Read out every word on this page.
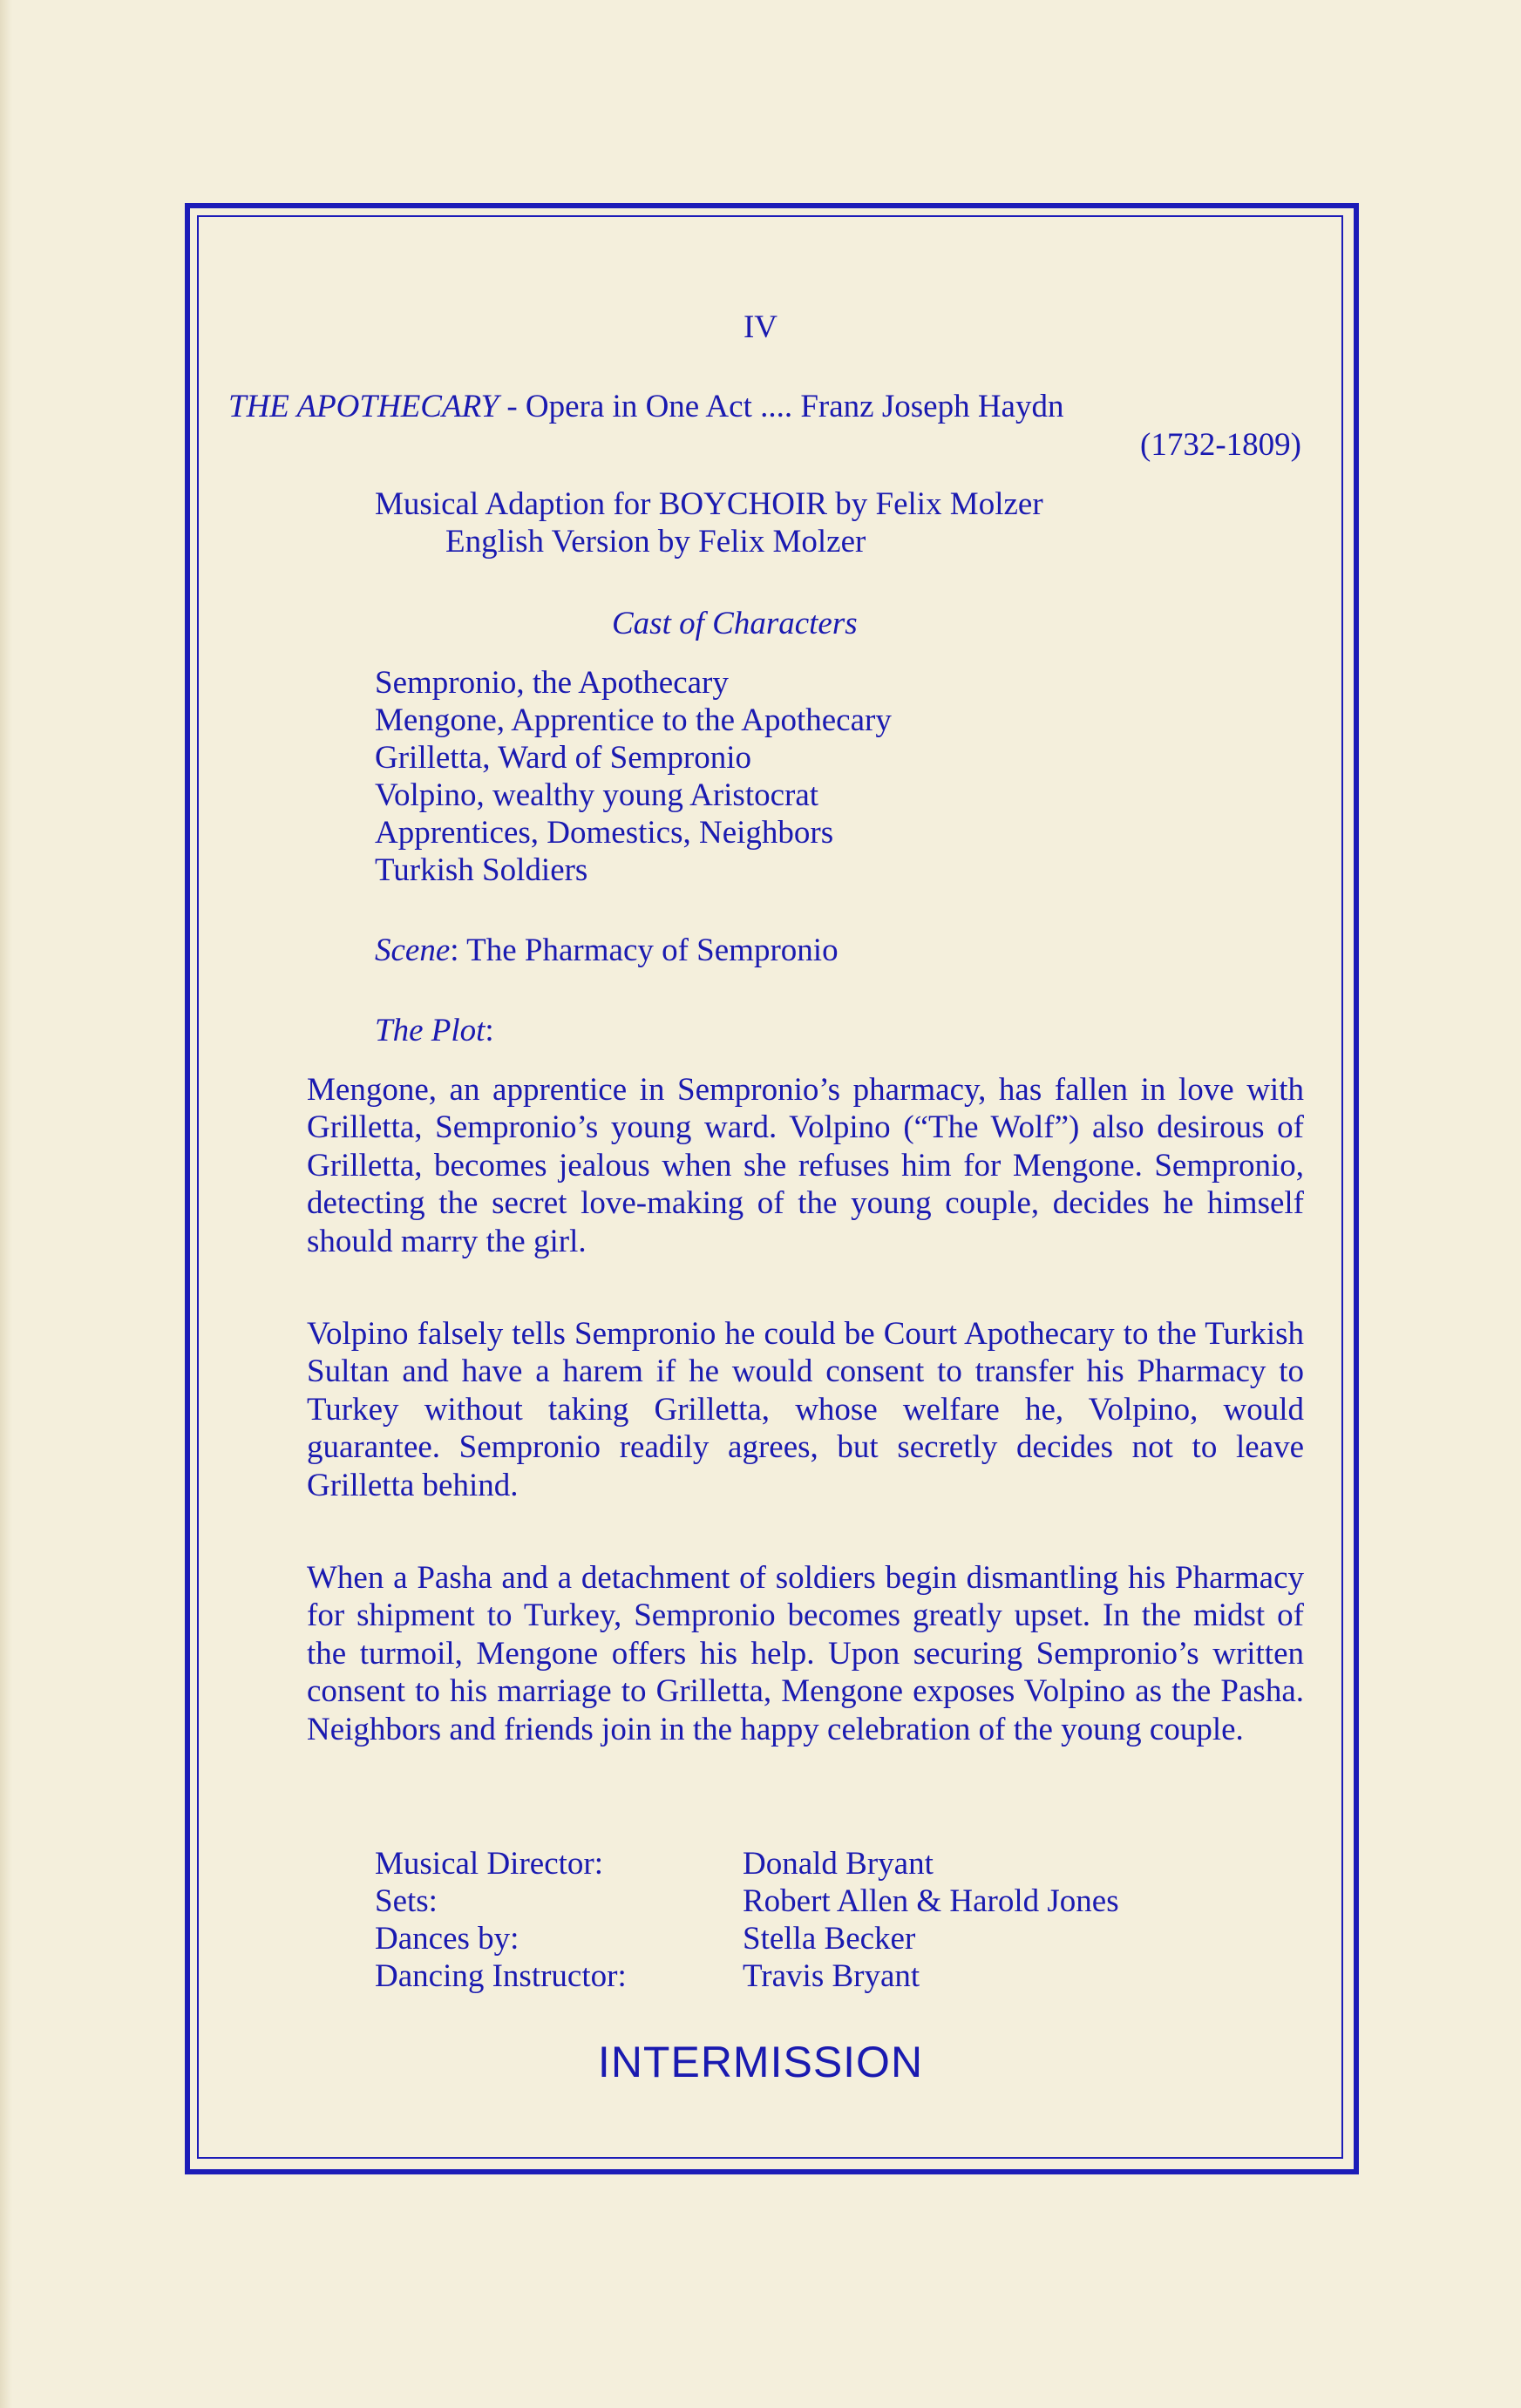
IV
THE APOTHECARY - Opera in One Act .... Franz Joseph Haydn
(1732-1809)
Musical Adaption for BOYCHOIR by Felix Molzer
English Version by Felix Molzer
Cast of Characters
Sempronio, the Apothecary
Mengone, Apprentice to the Apothecary
Grilletta, Ward of Sempronio
Volpino, wealthy young Aristocrat
Apprentices, Domestics, Neighbors
Turkish Soldiers
Scene: The Pharmacy of Sempronio
The Plot:

Mengone, an apprentice in Sempronio’s pharmacy, has fallen in love with Grilletta, Sempronio’s young ward. Volpino (“The Wolf”) also desirous of Grilletta, becomes jealous when she refuses him for Mengone. Sempronio, detecting the secret love-making of the young couple, decides he himself should marry the girl.

Volpino falsely tells Sempronio he could be Court Apothecary to the Turkish Sultan and have a harem if he would consent to transfer his Pharmacy to Turkey without taking Grilletta, whose welfare he, Volpino, would guarantee. Sempronio readily agrees, but secretly decides not to leave Grilletta behind.

When a Pasha and a detachment of soldiers begin dismantling his Pharmacy for shipment to Turkey, Sempronio becomes greatly upset. In the midst of the turmoil, Mengone offers his help. Upon securing Sempronio’s written consent to his marriage to Grilletta, Mengone exposes Volpino as the Pasha. Neighbors and friends join in the happy celebration of the young couple.

Musical Director:	Donald Bryant
Sets:	Robert Allen & Harold Jones
Dances by:	Stella Becker
Dancing Instructor:	Travis Bryant
INTERMISSION
